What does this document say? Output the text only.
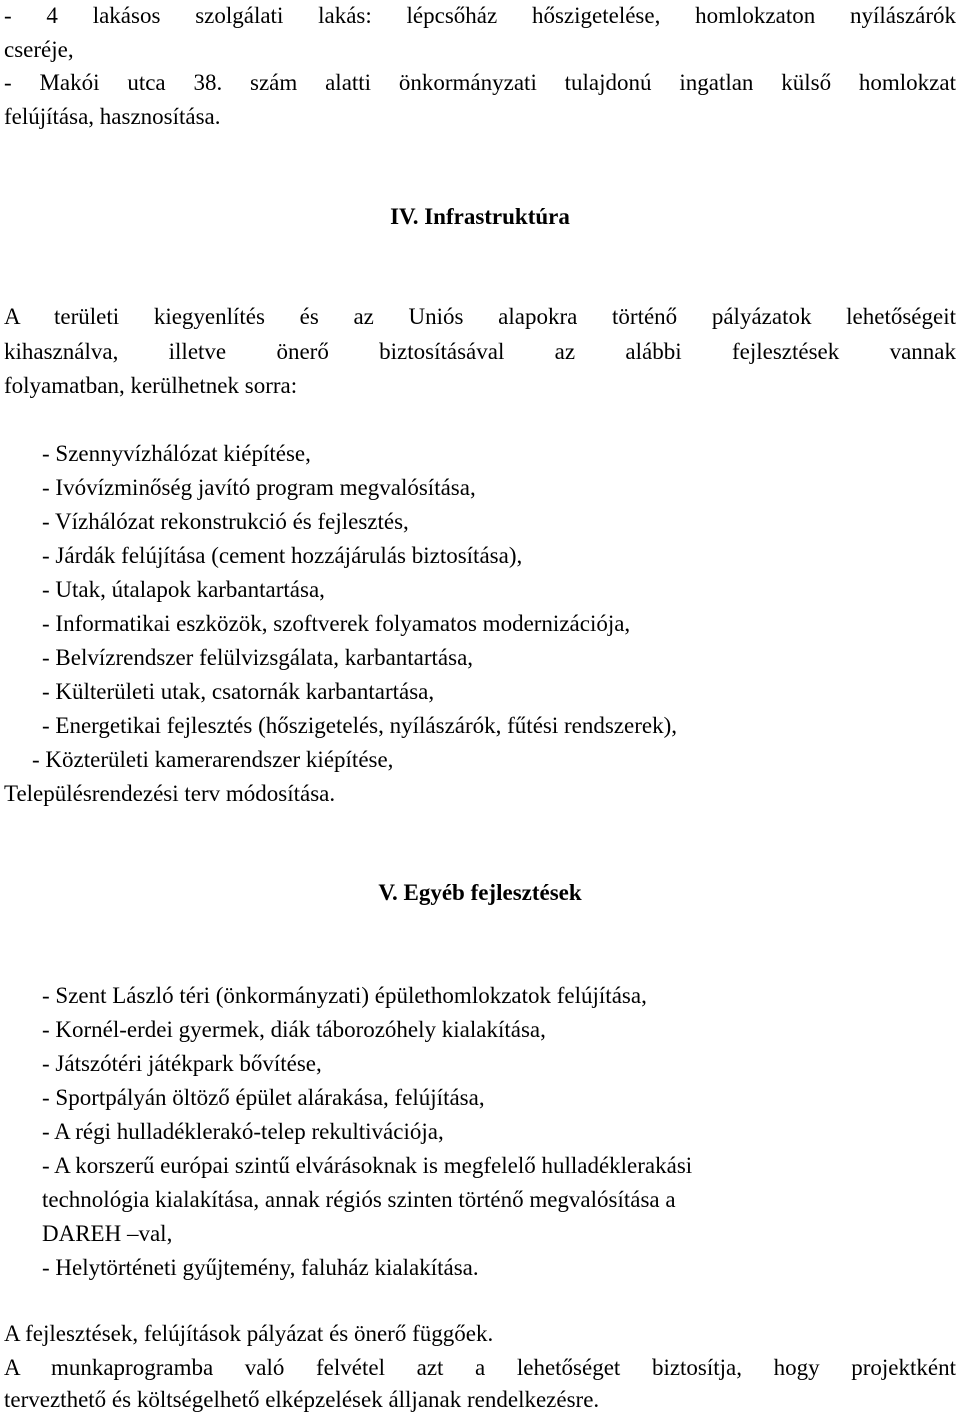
- 4 lakásos szolgálati lakás: lépcsőház hőszigetelése, homlokzaton nyílászárók
cseréje,
- Makói utca 38. szám alatti önkormányzati tulajdonú ingatlan külső homlokzat
felújítása, hasznosítása.
IV. Infrastruktúra
A területi kiegyenlítés és az Uniós alapokra történő pályázatok lehetőségeit
kihasználva, illetve önerő biztosításával az alábbi fejlesztések vannak
folyamatban, kerülhetnek sorra:
- Szennyvízhálózat kiépítése,
- Ivóvízminőség javító program megvalósítása,
- Vízhálózat rekonstrukció és fejlesztés,
- Járdák felújítása (cement hozzájárulás biztosítása),
- Utak, útalapok karbantartása,
- Informatikai eszközök, szoftverek folyamatos modernizációja,
- Belvízrendszer felülvizsgálata, karbantartása,
- Külterületi utak, csatornák karbantartása,
- Energetikai fejlesztés (hőszigetelés, nyílászárók, fűtési rendszerek),
- Közterületi kamerarendszer kiépítése,
Településrendezési terv módosítása.
V. Egyéb fejlesztések
- Szent László téri (önkormányzati) épülethomlokzatok felújítása,
- Kornél-erdei gyermek, diák táborozóhely kialakítása,
- Játszótéri játékpark bővítése,
- Sportpályán öltöző épület alárakása, felújítása,
- A régi hulladéklerakó-telep rekultivációja,
- A korszerű európai szintű elvárásoknak is megfelelő hulladéklerakási
technológia kialakítása, annak régiós szinten történő megvalósítása a
DAREH –val,
- Helytörténeti gyűjtemény, faluház kialakítása.
A fejlesztések, felújítások pályázat és önerő függőek.
A munkaprogramba való felvétel azt a lehetőséget biztosítja, hogy projektként
tervezthető és költségelhető elképzelések álljanak rendelkezésre.
